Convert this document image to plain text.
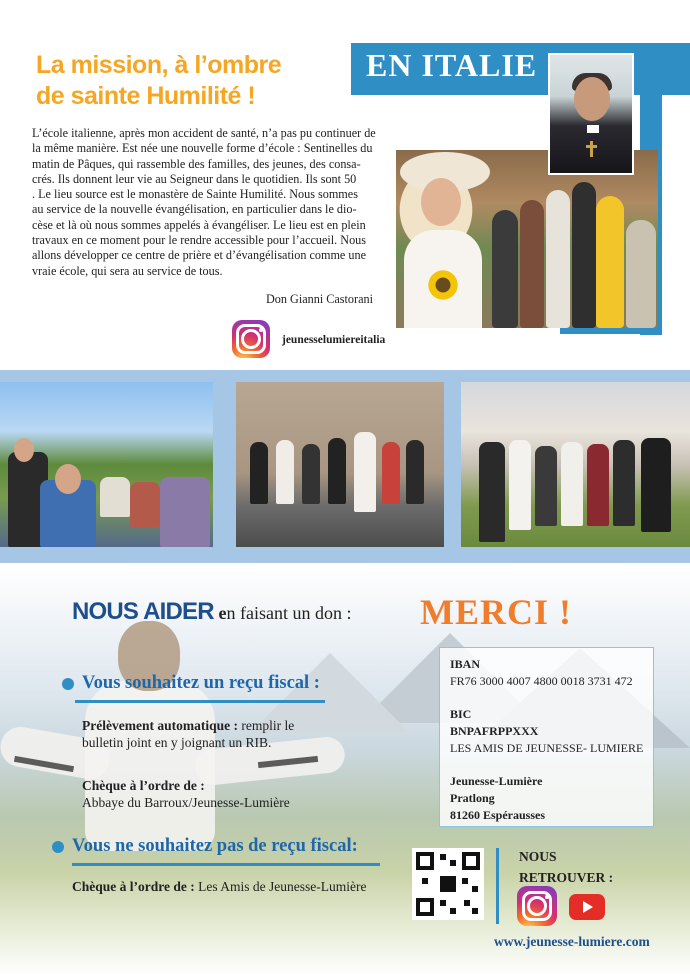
La mission, à l’ombre
de sainte Humilité !
EN ITALIE
L’école italienne, après mon accident de santé, n’a pas pu continuer de
la même manière. Est née une nouvelle forme d’école : Sentinelles du
matin de Pâques, qui rassemble des familles, des jeunes, des consa-
crés. Ils donnent leur vie au Seigneur dans le quotidien. Ils sont 50
. Le lieu source est le monastère de Sainte Humilité. Nous sommes
au service de la nouvelle évangélisation, en particulier dans le dio-
cèse et là où nous sommes appelés à évangéliser. Le lieu est en plein
travaux en ce moment pour le rendre accessible pour l’accueil. Nous
allons développer ce centre de prière et d’évangélisation comme une
vraie école, qui sera au service de tous.
Don Gianni Castorani
jeunesselumiereitalia
NOUS AIDER en faisant un don : MERCI !
Vous souhaitez un reçu fiscal :
Prélèvement automatique : remplir le
bulletin joint en y joignant un RIB.
Chèque à l’ordre de :
Abbaye du Barroux/Jeunesse-Lumière
Vous ne souhaitez pas de reçu fiscal:
Chèque à l’ordre de : Les Amis de Jeunesse-Lumière
IBAN
FR76 3000 4007 4800 0018 3731 472
BIC
BNPAFRPPXXX
LES AMIS DE JEUNESSE- LUMIERE
Jeunesse-Lumière
Pratlong
81260 Espérausses
NOUS
RETROUVER :
www.jeunesse-lumiere.com
